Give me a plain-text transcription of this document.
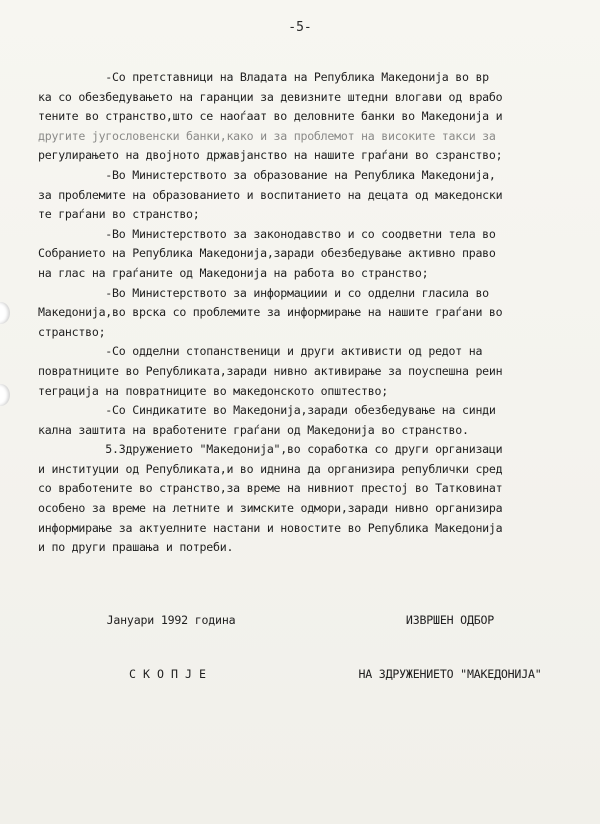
-5-
-Со претставници на Владата на Република Македонија во вр
ка со обезбедувањето на гаранции за девизните штедни влогави од врабо
тените во странство,што се наоѓаат во деловните банки во Македонија и
другите југословенски банки,како и за проблемот на високите такси за
регулирањето на двојното државјанство на нашите граѓани во сзранство;
-Во Министерството за образование на Република Македонија,
за проблемите на образованието и воспитанието на децата од македонски
те граѓани во странство;
-Во Министерството за законодавство и со соодветни тела во
Собранието на Република Македонија,заради обезбедување активно право
на глас на граѓаните од Македонија на работа во странство;
-Во Министерството за информациии и со одделни гласила во
Македонија,во врска со проблемите за информирање на нашите граѓани во
странство;
-Со одделни стопанственици и други активисти од редот на
повратниците во Републиката,заради нивно активирање за поуспешна реин
теграција на повратниците во македонското општество;
-Со Синдикатите во Македонија,заради обезбедување на синди
кална заштита на вработените граѓани од Македонија во странство.
5.Здружението "Македонија",во соработка со други организаци
и институции од Републиката,и во иднина да организира републички сред
со вработените во странство,за време на нивниот престој во Татковинат
особено за време на летните и зимските одмори,заради нивно организира
информирање за актуелните настани и новостите во Република Македонија
и по други прашања и потреби.

Јануари 1992 година

СКОПЈЕ

ИЗВРШЕН ОДБОР

НА ЗДРУЖЕНИЕТО "МАКЕДОНИЈА"
